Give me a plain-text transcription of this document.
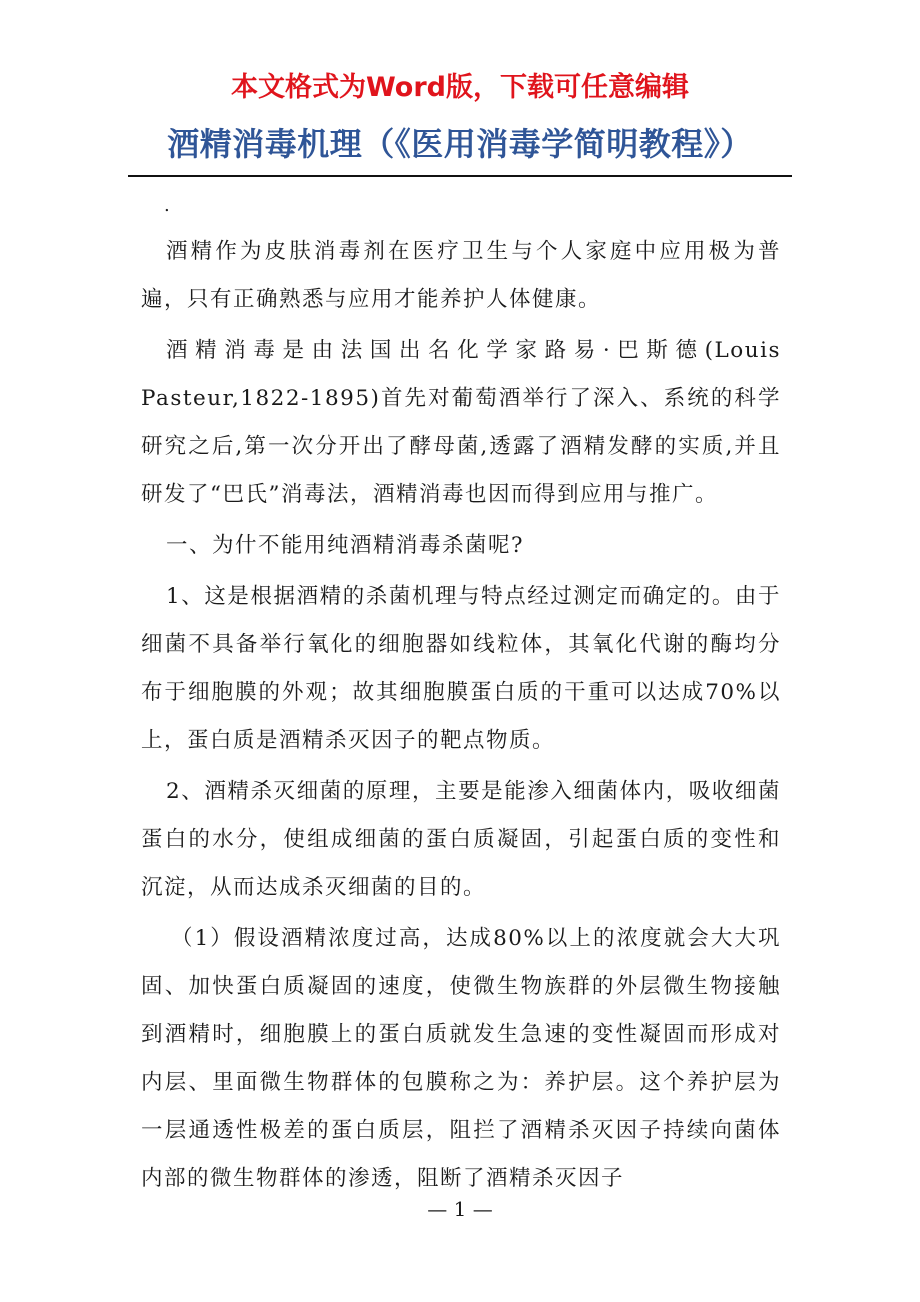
本文格式为Word版，下载可任意编辑

酒精消毒机理（《医用消毒学简明教程》）

.

酒精作为皮肤消毒剂在医疗卫生与个人家庭中应用极为普遍，只有正确熟悉与应用才能养护人体健康。

酒精消毒是由法国出名化学家路易·巴斯德(Louis Pasteur,1822-1895)首先对葡萄酒举行了深入、系统的科学研究之后,第一次分开出了酵母菌,透露了酒精发酵的实质,并且研发了“巴氏”消毒法，酒精消毒也因而得到应用与推广。

一、为什不能用纯酒精消毒杀菌呢?

1、这是根据酒精的杀菌机理与特点经过测定而确定的。由于细菌不具备举行氧化的细胞器如线粒体，其氧化代谢的酶均分布于细胞膜的外观；故其细胞膜蛋白质的干重可以达成70%以上，蛋白质是酒精杀灭因子的靶点物质。

2、酒精杀灭细菌的原理，主要是能渗入细菌体内，吸收细菌蛋白的水分，使组成细菌的蛋白质凝固，引起蛋白质的变性和沉淀，从而达成杀灭细菌的目的。

（1）假设酒精浓度过高，达成80%以上的浓度就会大大巩固、加快蛋白质凝固的速度，使微生物族群的外层微生物接触到酒精时，细胞膜上的蛋白质就发生急速的变性凝固而形成对内层、里面微生物群体的包膜称之为：养护层。这个养护层为一层通透性极差的蛋白质层，阻拦了酒精杀灭因子持续向菌体内部的微生物群体的渗透，阻断了酒精杀灭因子

— 1 —
